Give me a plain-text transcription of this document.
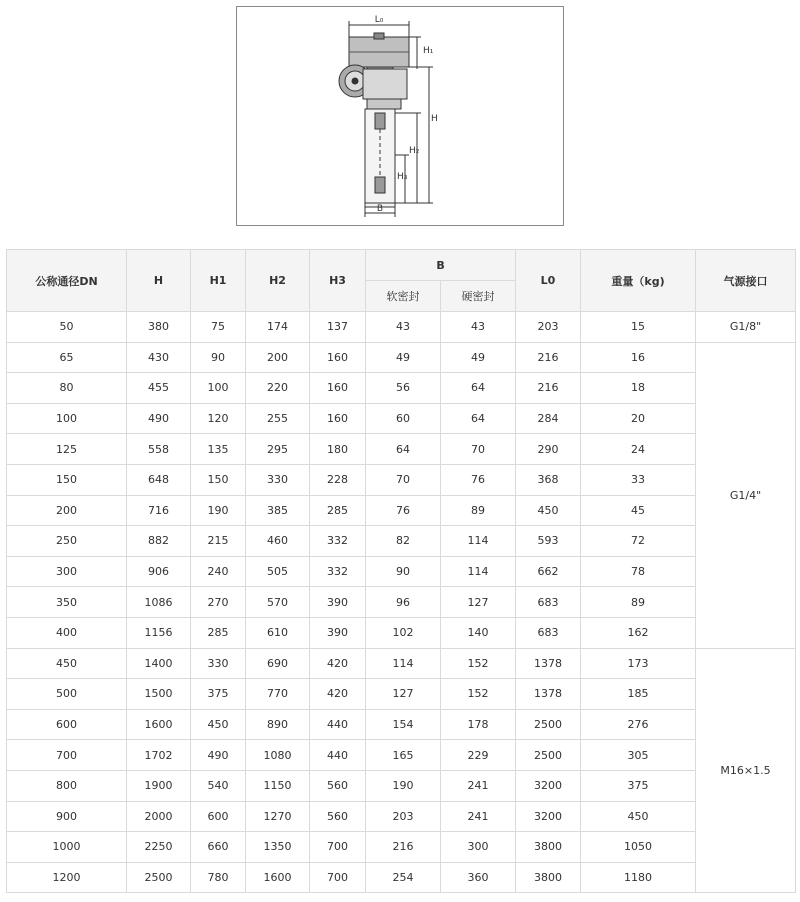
L₀
H₁
H
H₂
H₃
B
公称通径DN	H	H1	H2	H3	B		L0	重量（kg)	气源接口
					软密封	硬密封			
50	380	75	174	137	43	43	203	15	G1/8"
65	430	90	200	160	49	49	216	16	G1/4"
80	455	100	220	160	56	64	216	18	
100	490	120	255	160	60	64	284	20	
125	558	135	295	180	64	70	290	24	
150	648	150	330	228	70	76	368	33	
200	716	190	385	285	76	89	450	45	
250	882	215	460	332	82	114	593	72	
300	906	240	505	332	90	114	662	78	
350	1086	270	570	390	96	127	683	89	
400	1156	285	610	390	102	140	683	162	
450	1400	330	690	420	114	152	1378	173	M16×1.5
500	1500	375	770	420	127	152	1378	185	
600	1600	450	890	440	154	178	2500	276	
700	1702	490	1080	440	165	229	2500	305	
800	1900	540	1150	560	190	241	3200	375	
900	2000	600	1270	560	203	241	3200	450	
1000	2250	660	1350	700	216	300	3800	1050	
1200	2500	780	1600	700	254	360	3800	1180	
